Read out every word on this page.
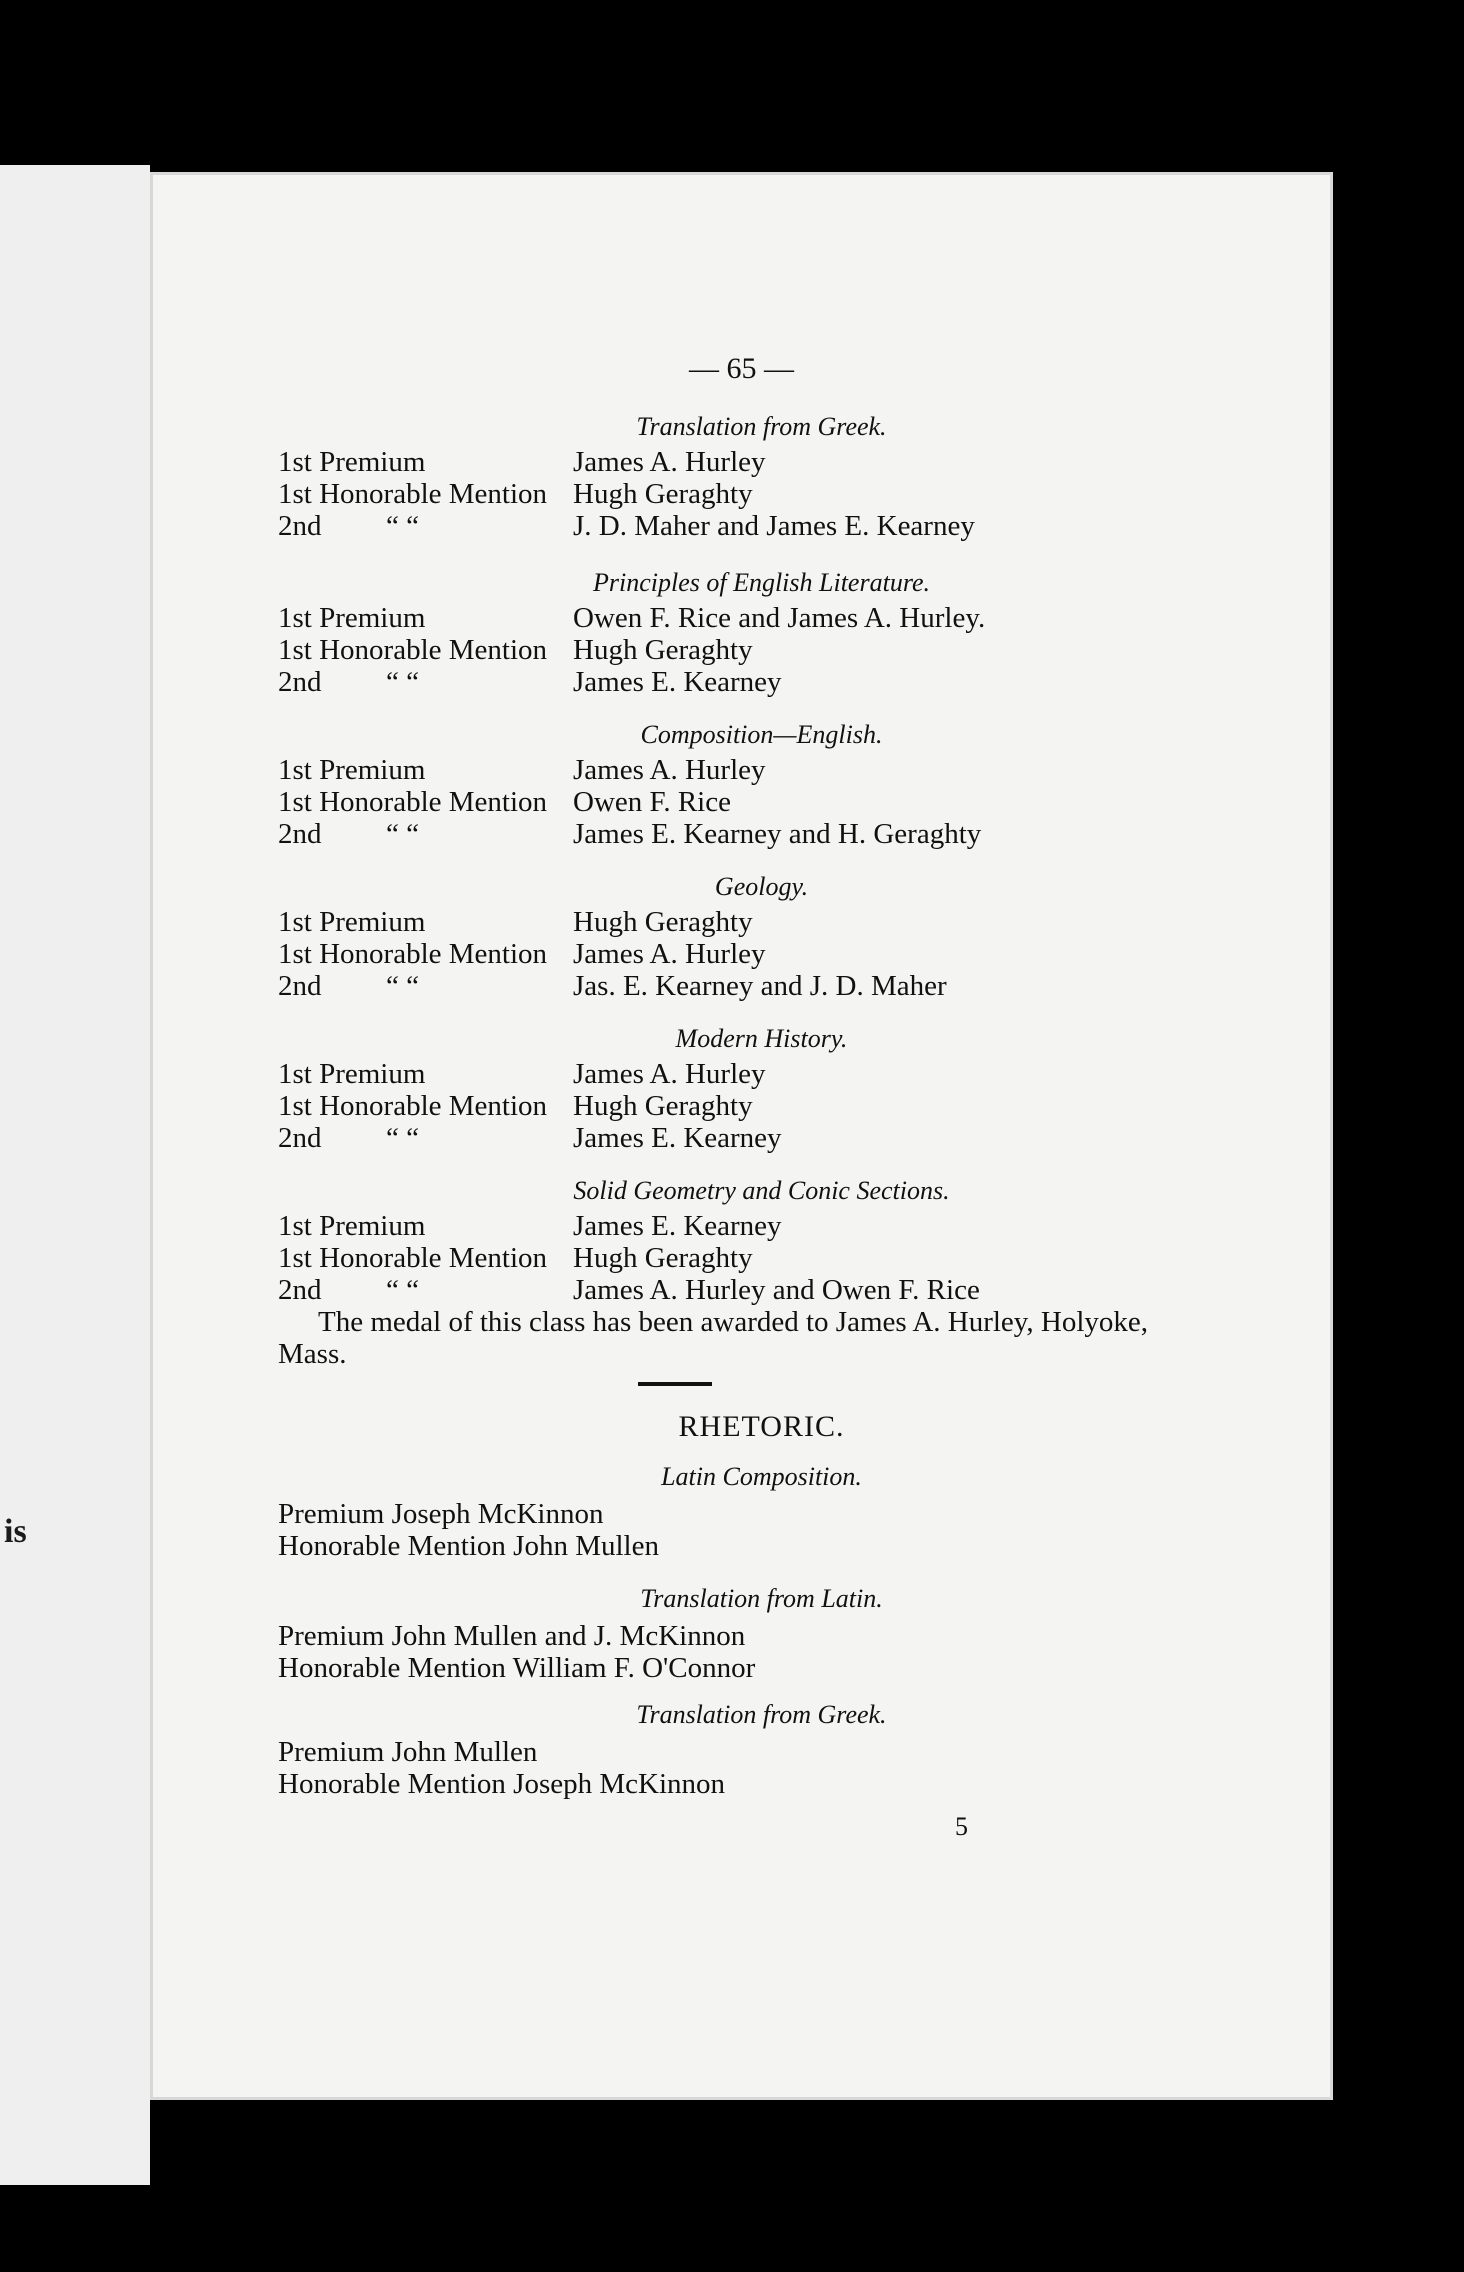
is
— 65 —
Translation from Greek.
1st Premium	James A. Hurley
1st Honorable Mention Hugh Geraghty
2nd “ “	J. D. Maher and James E. Kearney
Principles of English Literature.
1st Premium	Owen F. Rice and James A. Hurley.
1st Honorable Mention Hugh Geraghty
2nd “ “	James E. Kearney
Composition—English.
1st Premium	James A. Hurley
1st Honorable Mention Owen F. Rice
2nd “ “	James E. Kearney and H. Geraghty
Geology.
1st Premium	Hugh Geraghty
1st Honorable Mention James A. Hurley
2nd “ “	Jas. E. Kearney and J. D. Maher
Modern History.
1st Premium	James A. Hurley
1st Honorable Mention Hugh Geraghty
2nd “ “	James E. Kearney
Solid Geometry and Conic Sections.
1st Premium	James E. Kearney
1st Honorable Mention Hugh Geraghty
2nd “ “	James A. Hurley and Owen F. Rice
The medal of this class has been awarded to James A. Hurley, Holyoke, Mass.
RHETORIC.
Latin Composition.
Premium Joseph McKinnon
Honorable Mention John Mullen
Translation from Latin.
Premium John Mullen and J. McKinnon
Honorable Mention William F. O'Connor
Translation from Greek.
Premium John Mullen
Honorable Mention Joseph McKinnon
5
